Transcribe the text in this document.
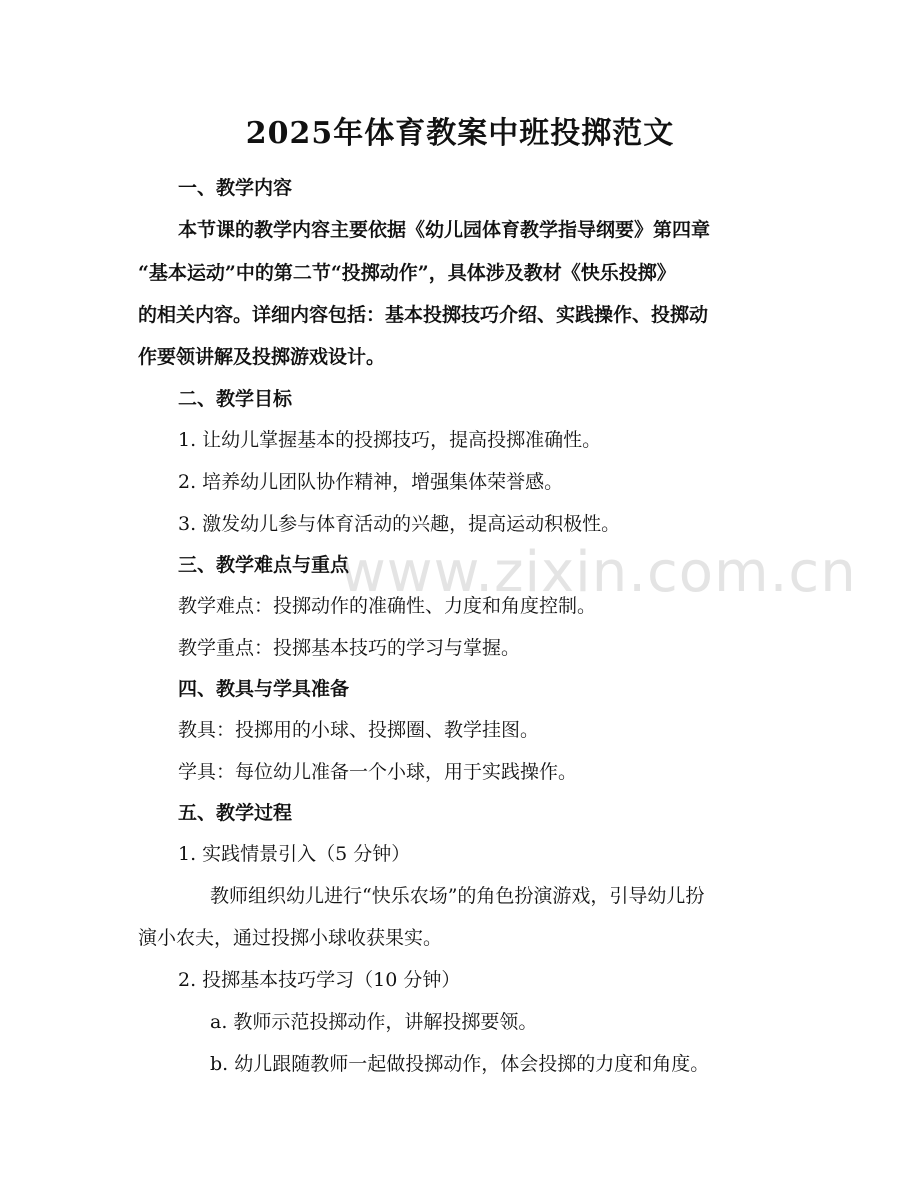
www.zixin.com.cn
2025年体育教案中班投掷范文
一、教学内容
本节课的教学内容主要依据《幼儿园体育教学指导纲要》第四章
“基本运动”中的第二节“投掷动作”，具体涉及教材《快乐投掷》
的相关内容。详细内容包括：基本投掷技巧介绍、实践操作、投掷动
作要领讲解及投掷游戏设计。
二、教学目标
1. 让幼儿掌握基本的投掷技巧，提高投掷准确性。
2. 培养幼儿团队协作精神，增强集体荣誉感。
3. 激发幼儿参与体育活动的兴趣，提高运动积极性。
三、教学难点与重点
教学难点：投掷动作的准确性、力度和角度控制。
教学重点：投掷基本技巧的学习与掌握。
四、教具与学具准备
教具：投掷用的小球、投掷圈、教学挂图。
学具：每位幼儿准备一个小球，用于实践操作。
五、教学过程
1. 实践情景引入（5 分钟）
教师组织幼儿进行“快乐农场”的角色扮演游戏，引导幼儿扮
演小农夫，通过投掷小球收获果实。
2. 投掷基本技巧学习（10 分钟）
a. 教师示范投掷动作，讲解投掷要领。
b. 幼儿跟随教师一起做投掷动作，体会投掷的力度和角度。
